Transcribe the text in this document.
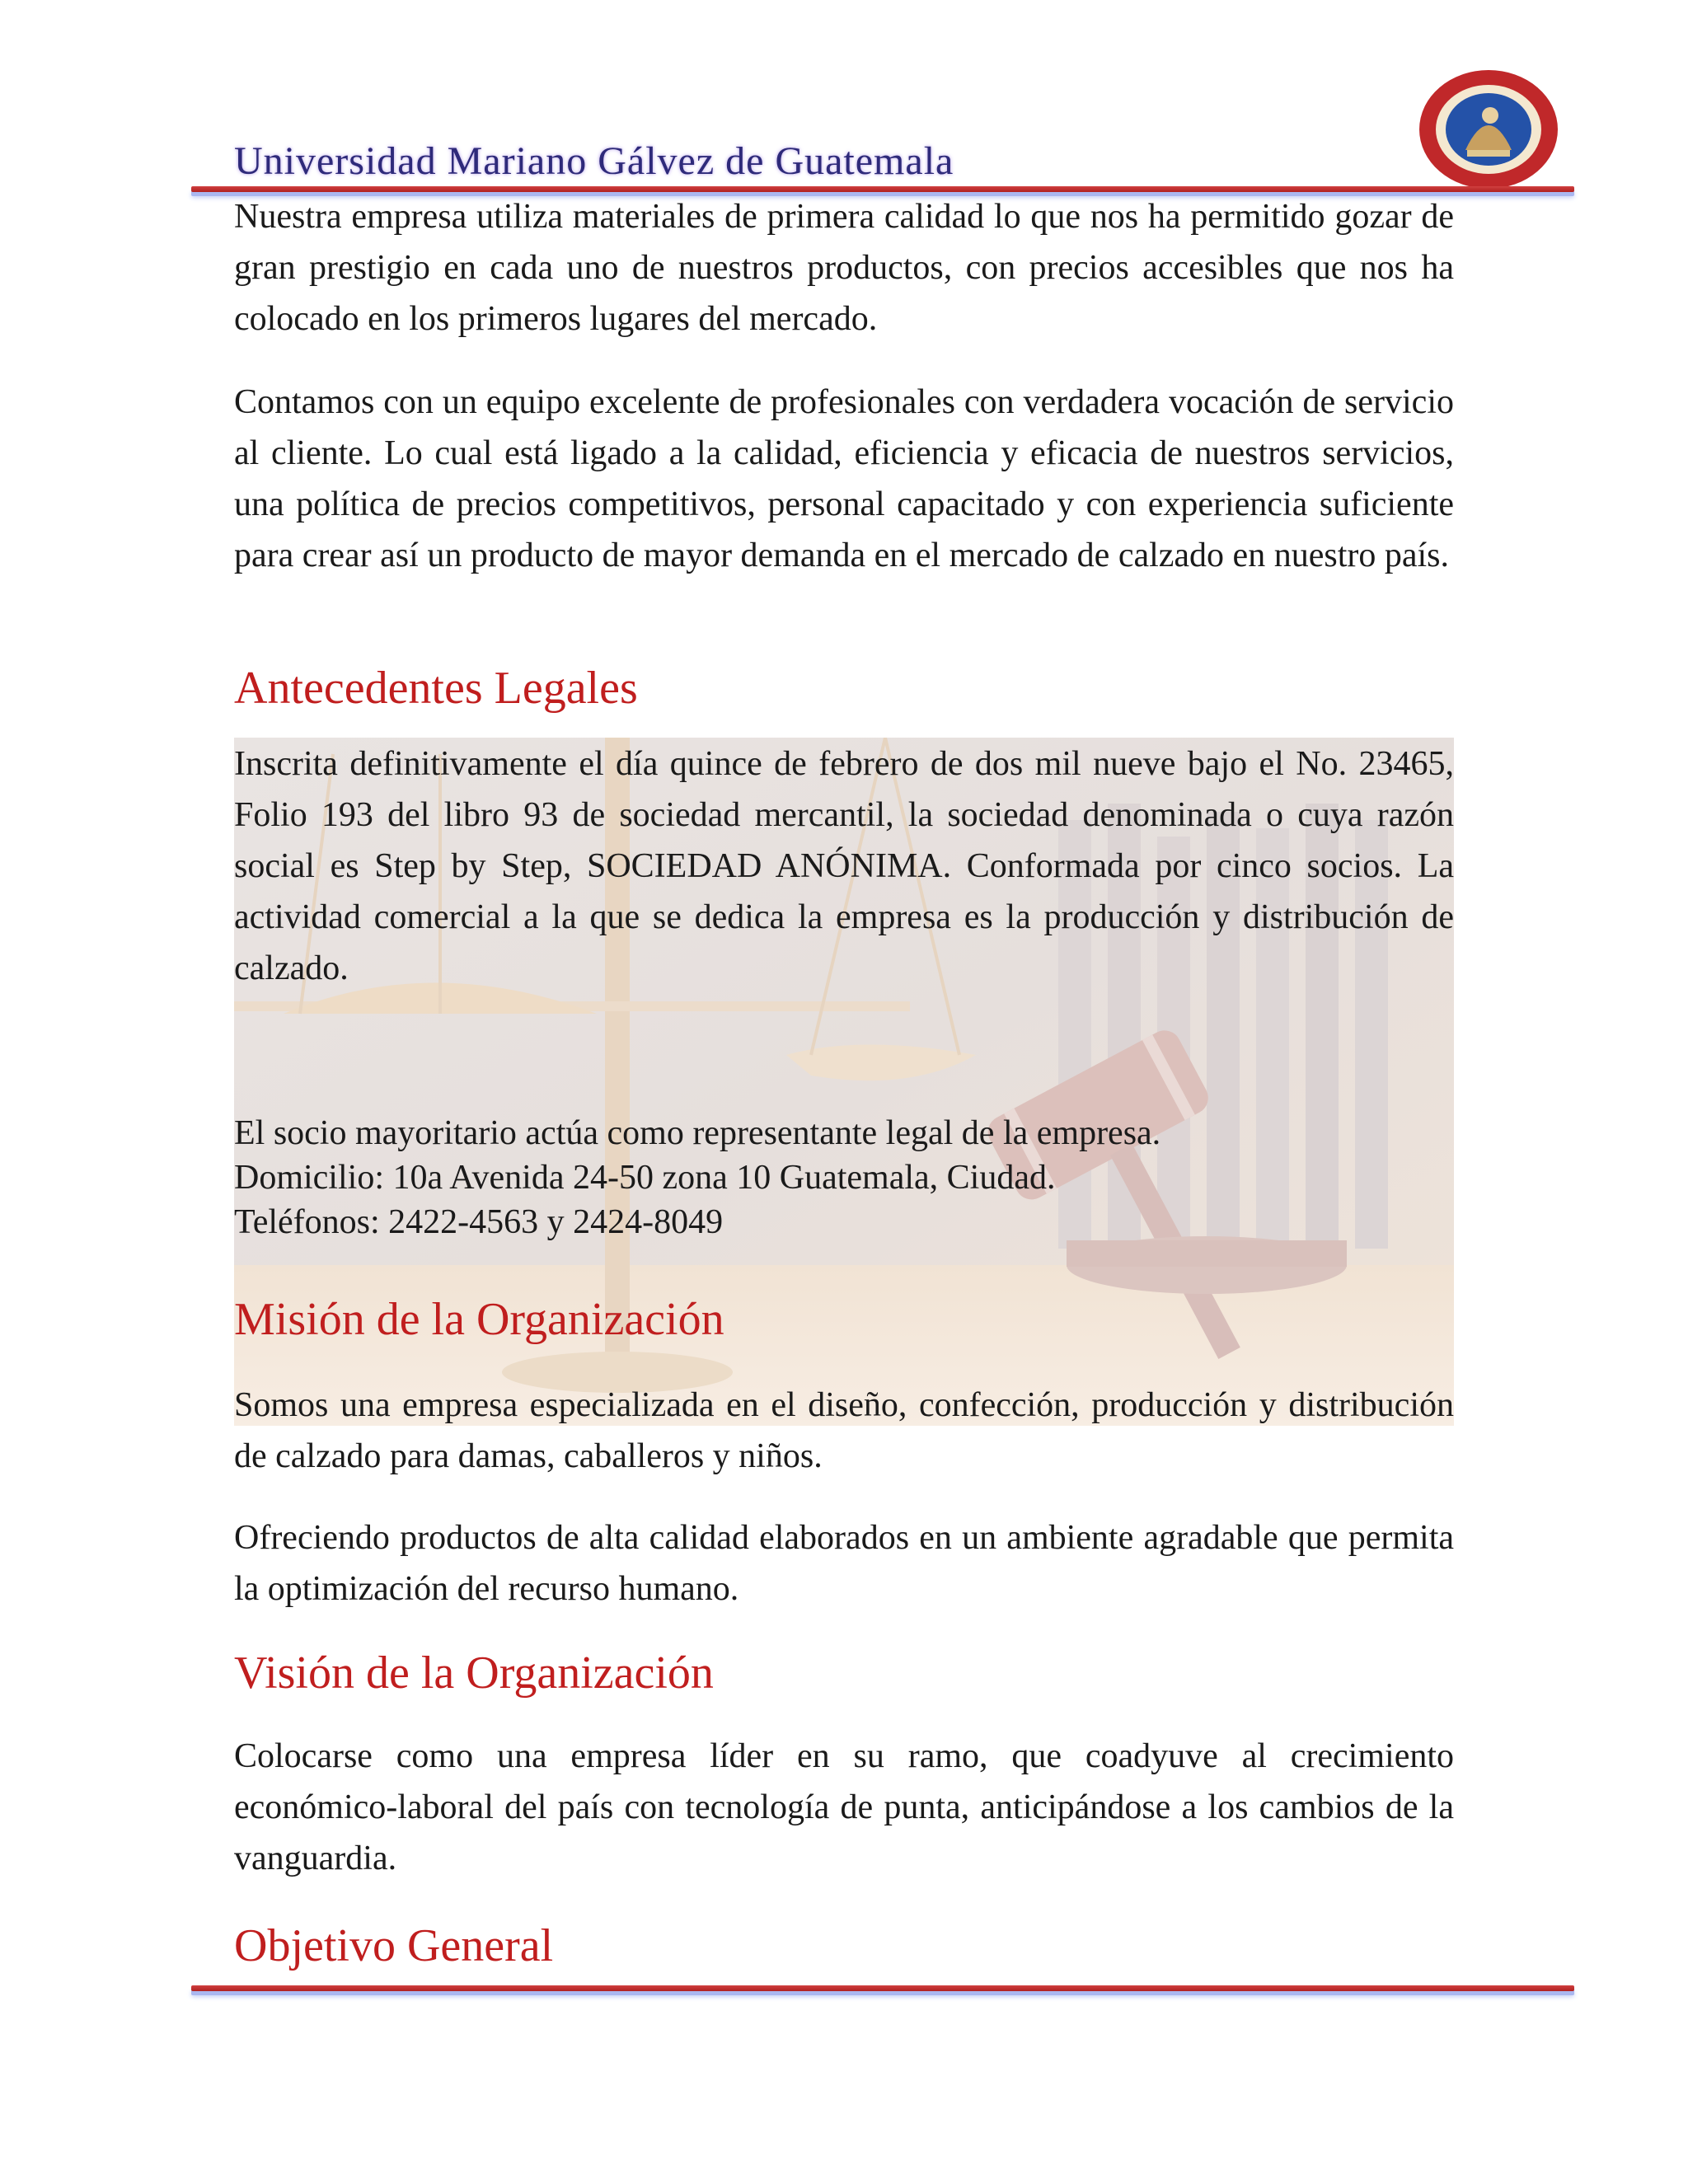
Universidad Mariano Gálvez de Guatemala

Nuestra empresa utiliza materiales de primera calidad lo que nos ha permitido gozar de gran prestigio en cada uno de nuestros productos, con precios accesibles que nos ha colocado en los primeros lugares del mercado.

Contamos con un equipo excelente de profesionales con verdadera vocación de servicio al cliente. Lo cual está ligado a la calidad, eficiencia y eficacia de nuestros servicios, una política de precios competitivos, personal capacitado y con experiencia suficiente para crear así un producto de mayor demanda en el mercado de calzado en nuestro país.

Antecedentes Legales

Inscrita definitivamente el día quince de febrero de dos mil nueve bajo el No. 23465, Folio 193 del libro 93 de sociedad mercantil, la sociedad denominada o cuya razón social es Step by Step, SOCIEDAD ANÓNIMA. Conformada por cinco socios. La actividad comercial a la que se dedica la empresa es la producción y distribución de calzado.

El socio mayoritario actúa como representante legal de la empresa.

Domicilio: 10a Avenida 24-50 zona 10 Guatemala, Ciudad.

Teléfonos: 2422-4563 y 2424-8049

Misión de la Organización

Somos una empresa especializada en el diseño, confección, producción y distribución de calzado para damas, caballeros y niños.

Ofreciendo productos de alta calidad elaborados en un ambiente agradable que permita la optimización del recurso humano.

Visión de la Organización

Colocarse como una empresa líder en su ramo, que coadyuve al crecimiento económico-laboral del país con tecnología de punta, anticipándose a los cambios de la vanguardia.

Objetivo General
